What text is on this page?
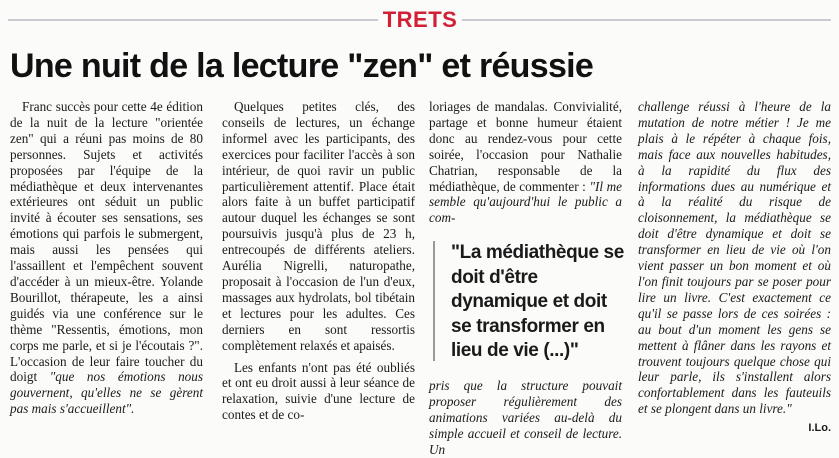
TRETS
Une nuit de la lecture "zen" et réussie

Franc succès pour cette 4e édition de la nuit de la lecture "orientée zen" qui a réuni pas moins de 80 personnes. Sujets et activités proposées par l'équipe de la médiathèque et deux intervenantes extérieures ont séduit un public invité à écouter ses sensations, ses émotions qui parfois le submergent, mais aussi les pensées qui l'assaillent et l'empêchent souvent d'accéder à un mieux-être. Yolande Bourillot, thérapeute, les a ainsi guidés via une conférence sur le thème "Ressentis, émotions, mon corps me parle, et si je l'écoutais ?". L'occasion de leur faire toucher du doigt "que nos émotions nous gouvernent, qu'elles ne se gèrent pas mais s'accueillent".

Quelques petites clés, des conseils de lectures, un échange informel avec les participants, des exercices pour faciliter l'accès à son intérieur, de quoi ravir un public particulièrement attentif. Place était alors faite à un buffet participatif autour duquel les échanges se sont poursuivis jusqu'à plus de 23 h, entrecoupés de différents ateliers. Aurélia Nigrelli, naturopathe, proposait à l'occasion de l'un d'eux, massages aux hydrolats, bol tibétain et lectures pour les adultes. Ces derniers en sont ressortis complètement relaxés et apaisés.

Les enfants n'ont pas été oubliés et ont eu droit aussi à leur séance de relaxation, suivie d'une lecture de contes et de co-

loriages de mandalas. Convivialité, partage et bonne humeur étaient donc au rendez-vous pour cette soirée, l'occasion pour Nathalie Chatrian, responsable de la médiathèque, de commenter : "Il me semble qu'aujourd'hui le public a com-

"La médiathèque se doit d'être dynamique et doit se transformer en lieu de vie (...)"

pris que la structure pouvait proposer régulièrement des animations variées au-delà du simple accueil et conseil de lecture. Un

challenge réussi à l'heure de la mutation de notre métier ! Je me plais à le répéter à chaque fois, mais face aux nouvelles habitudes, à la rapidité du flux des informations dues au numérique et à la réalité du risque de cloisonnement, la médiathèque se doit d'être dynamique et doit se transformer en lieu de vie où l'on vient passer un bon moment et où l'on finit toujours par se poser pour lire un livre. C'est exactement ce qu'il se passe lors de ces soirées : au bout d'un moment les gens se mettent à flâner dans les rayons et trouvent toujours quelque chose qui leur parle, ils s'installent alors confortablement dans les fauteuils et se plongent dans un livre."

I.Lo.
